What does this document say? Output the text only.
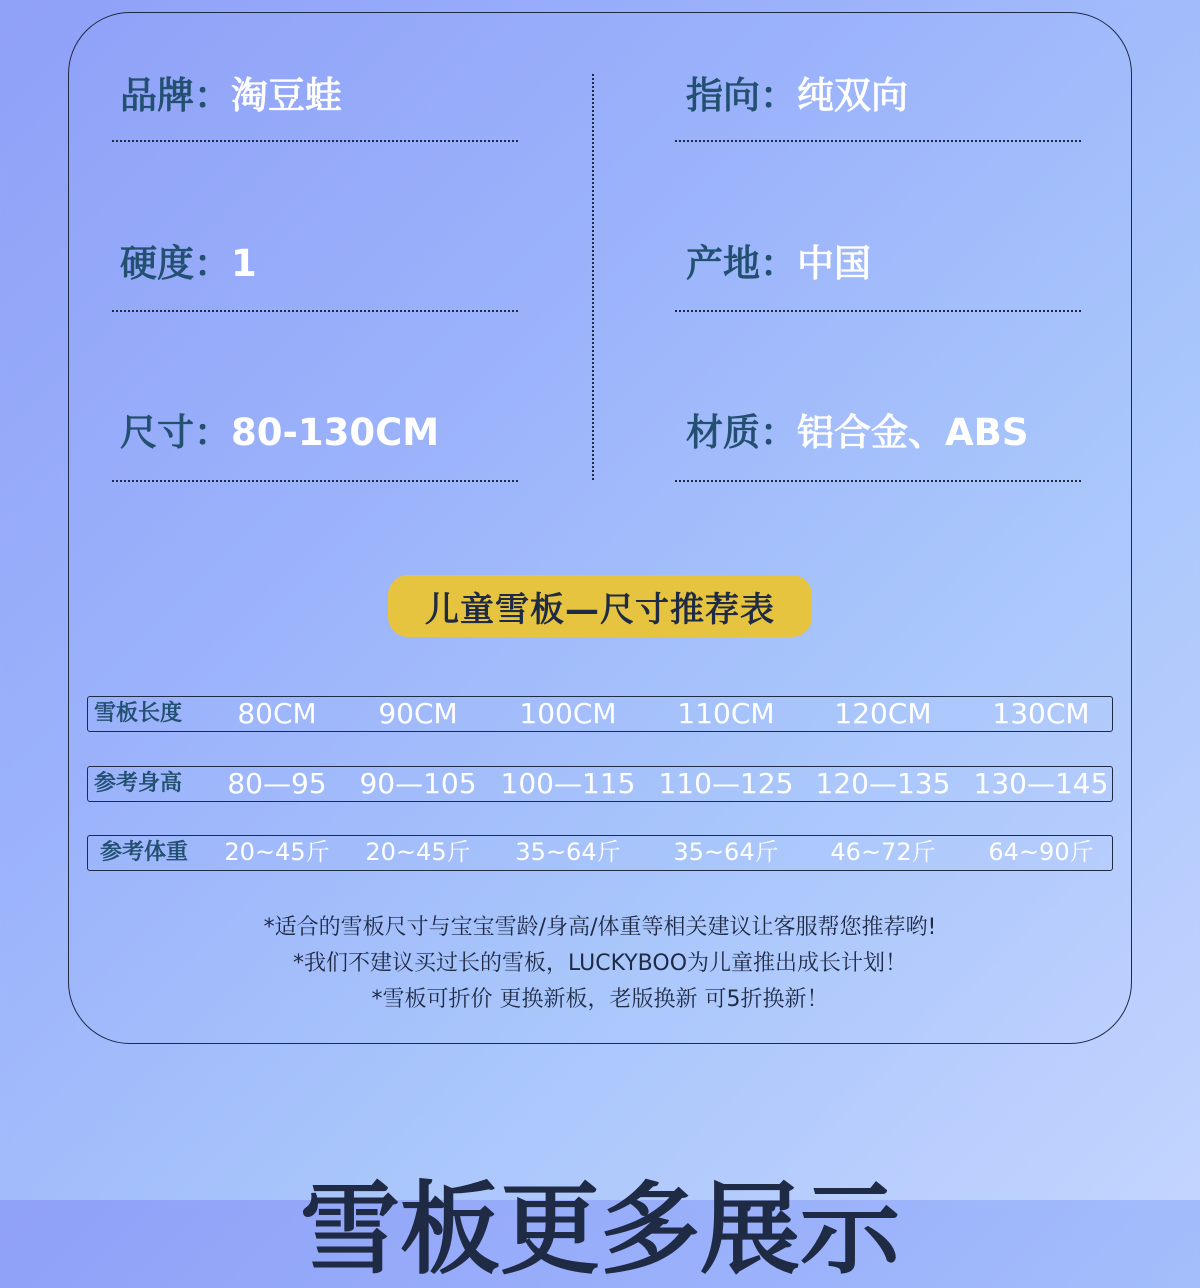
品牌：淘豆蛙	指向：纯双向
硬度：1	产地：中国
尺寸：80-130CM	材质：铝合金、ABS
儿童雪板—尺寸推荐表
雪板长度	80CM	90CM	100CM	110CM	120CM	130CM
参考身高	80—95	90—105 100—115 110—125 120—135 130—145
参考体重	20~45斤	20~45斤	35~64斤	35~64斤	46~72斤	64~90斤
*适合的雪板尺寸与宝宝雪龄/身高/体重等相关建议让客服帮您推荐哟!
*我们不建议买过长的雪板，LUCKYBOO为儿童推出成长计划！
*雪板可折价 更换新板，老版换新 可5折换新！
雪板更多展示
